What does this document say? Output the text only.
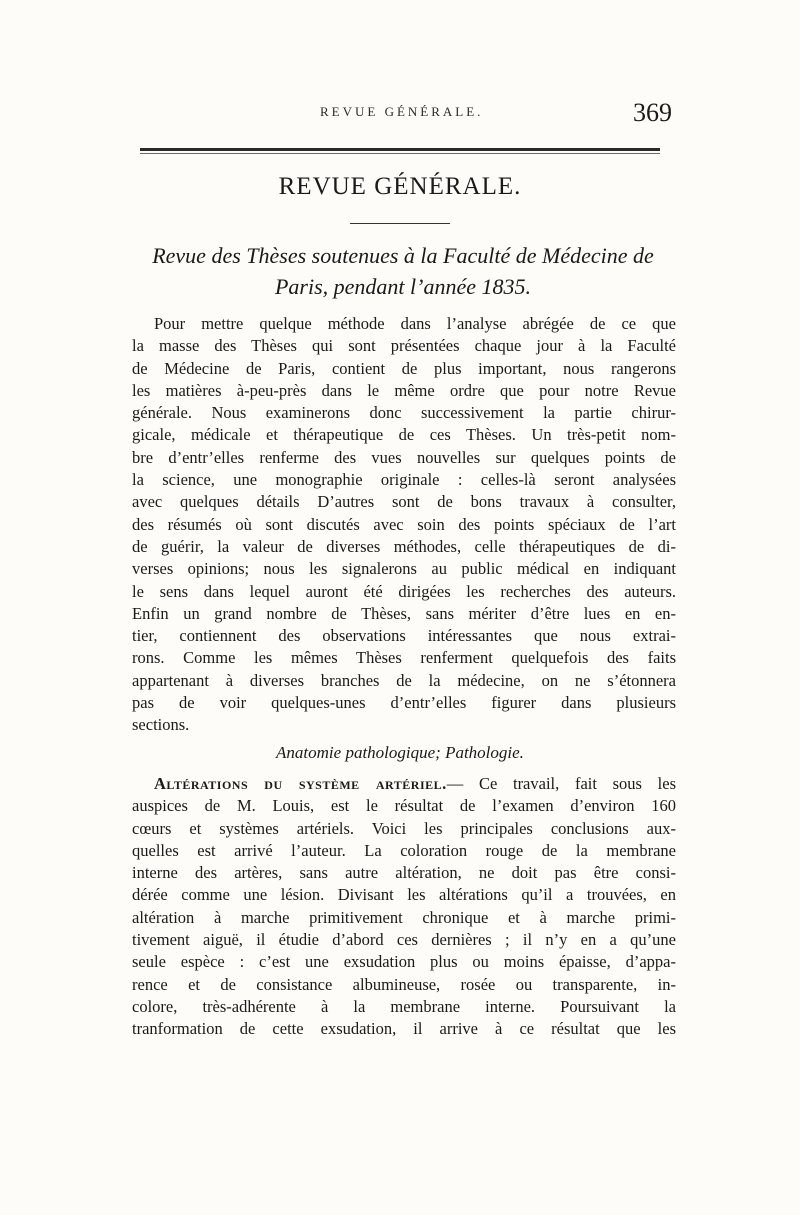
REVUE GÉNÉRALE.	369
REVUE GÉNÉRALE.
Revue des Thèses soutenues à la Faculté de Médecine de
Paris, pendant l’année 1835.
Pour mettre quelque méthode dans l’analyse abrégée de ce que
la masse des Thèses qui sont présentées chaque jour à la Faculté
de Médecine de Paris, contient de plus important, nous rangerons
les matières à-peu-près dans le même ordre que pour notre Revue
générale. Nous examinerons donc successivement la partie chirur-
gicale, médicale et thérapeutique de ces Thèses. Un très-petit nom-
bre d’entr’elles renferme des vues nouvelles sur quelques points de
la science, une monographie originale : celles-là seront analysées
avec quelques détails D’autres sont de bons travaux à consulter,
des résumés où sont discutés avec soin des points spéciaux de l’art
de guérir, la valeur de diverses méthodes, celle thérapeutiques de di-
verses opinions; nous les signalerons au public médical en indiquant
le sens dans lequel auront été dirigées les recherches des auteurs.
Enfin un grand nombre de Thèses, sans mériter d’être lues en en-
tier, contiennent des observations intéressantes que nous extrai-
rons. Comme les mêmes Thèses renferment quelquefois des faits
appartenant à diverses branches de la médecine, on ne s’étonnera
pas de voir quelques-unes d’entr’elles figurer dans plusieurs
sections.
Anatomie pathologique; Pathologie.
Altérations du système artériel.— Ce travail, fait sous les
auspices de M. Louis, est le résultat de l’examen d’environ 160
cœurs et systèmes artériels. Voici les principales conclusions aux-
quelles est arrivé l’auteur. La coloration rouge de la membrane
interne des artères, sans autre altération, ne doit pas être consi-
dérée comme une lésion. Divisant les altérations qu’il a trouvées, en
altération à marche primitivement chronique et à marche primi-
tivement aiguë, il étudie d’abord ces dernières ; il n’y en a qu’une
seule espèce : c’est une exsudation plus ou moins épaisse, d’appa-
rence et de consistance albumineuse, rosée ou transparente, in-
colore, très-adhérente à la membrane interne. Poursuivant la
tranformation de cette exsudation, il arrive à ce résultat que les
